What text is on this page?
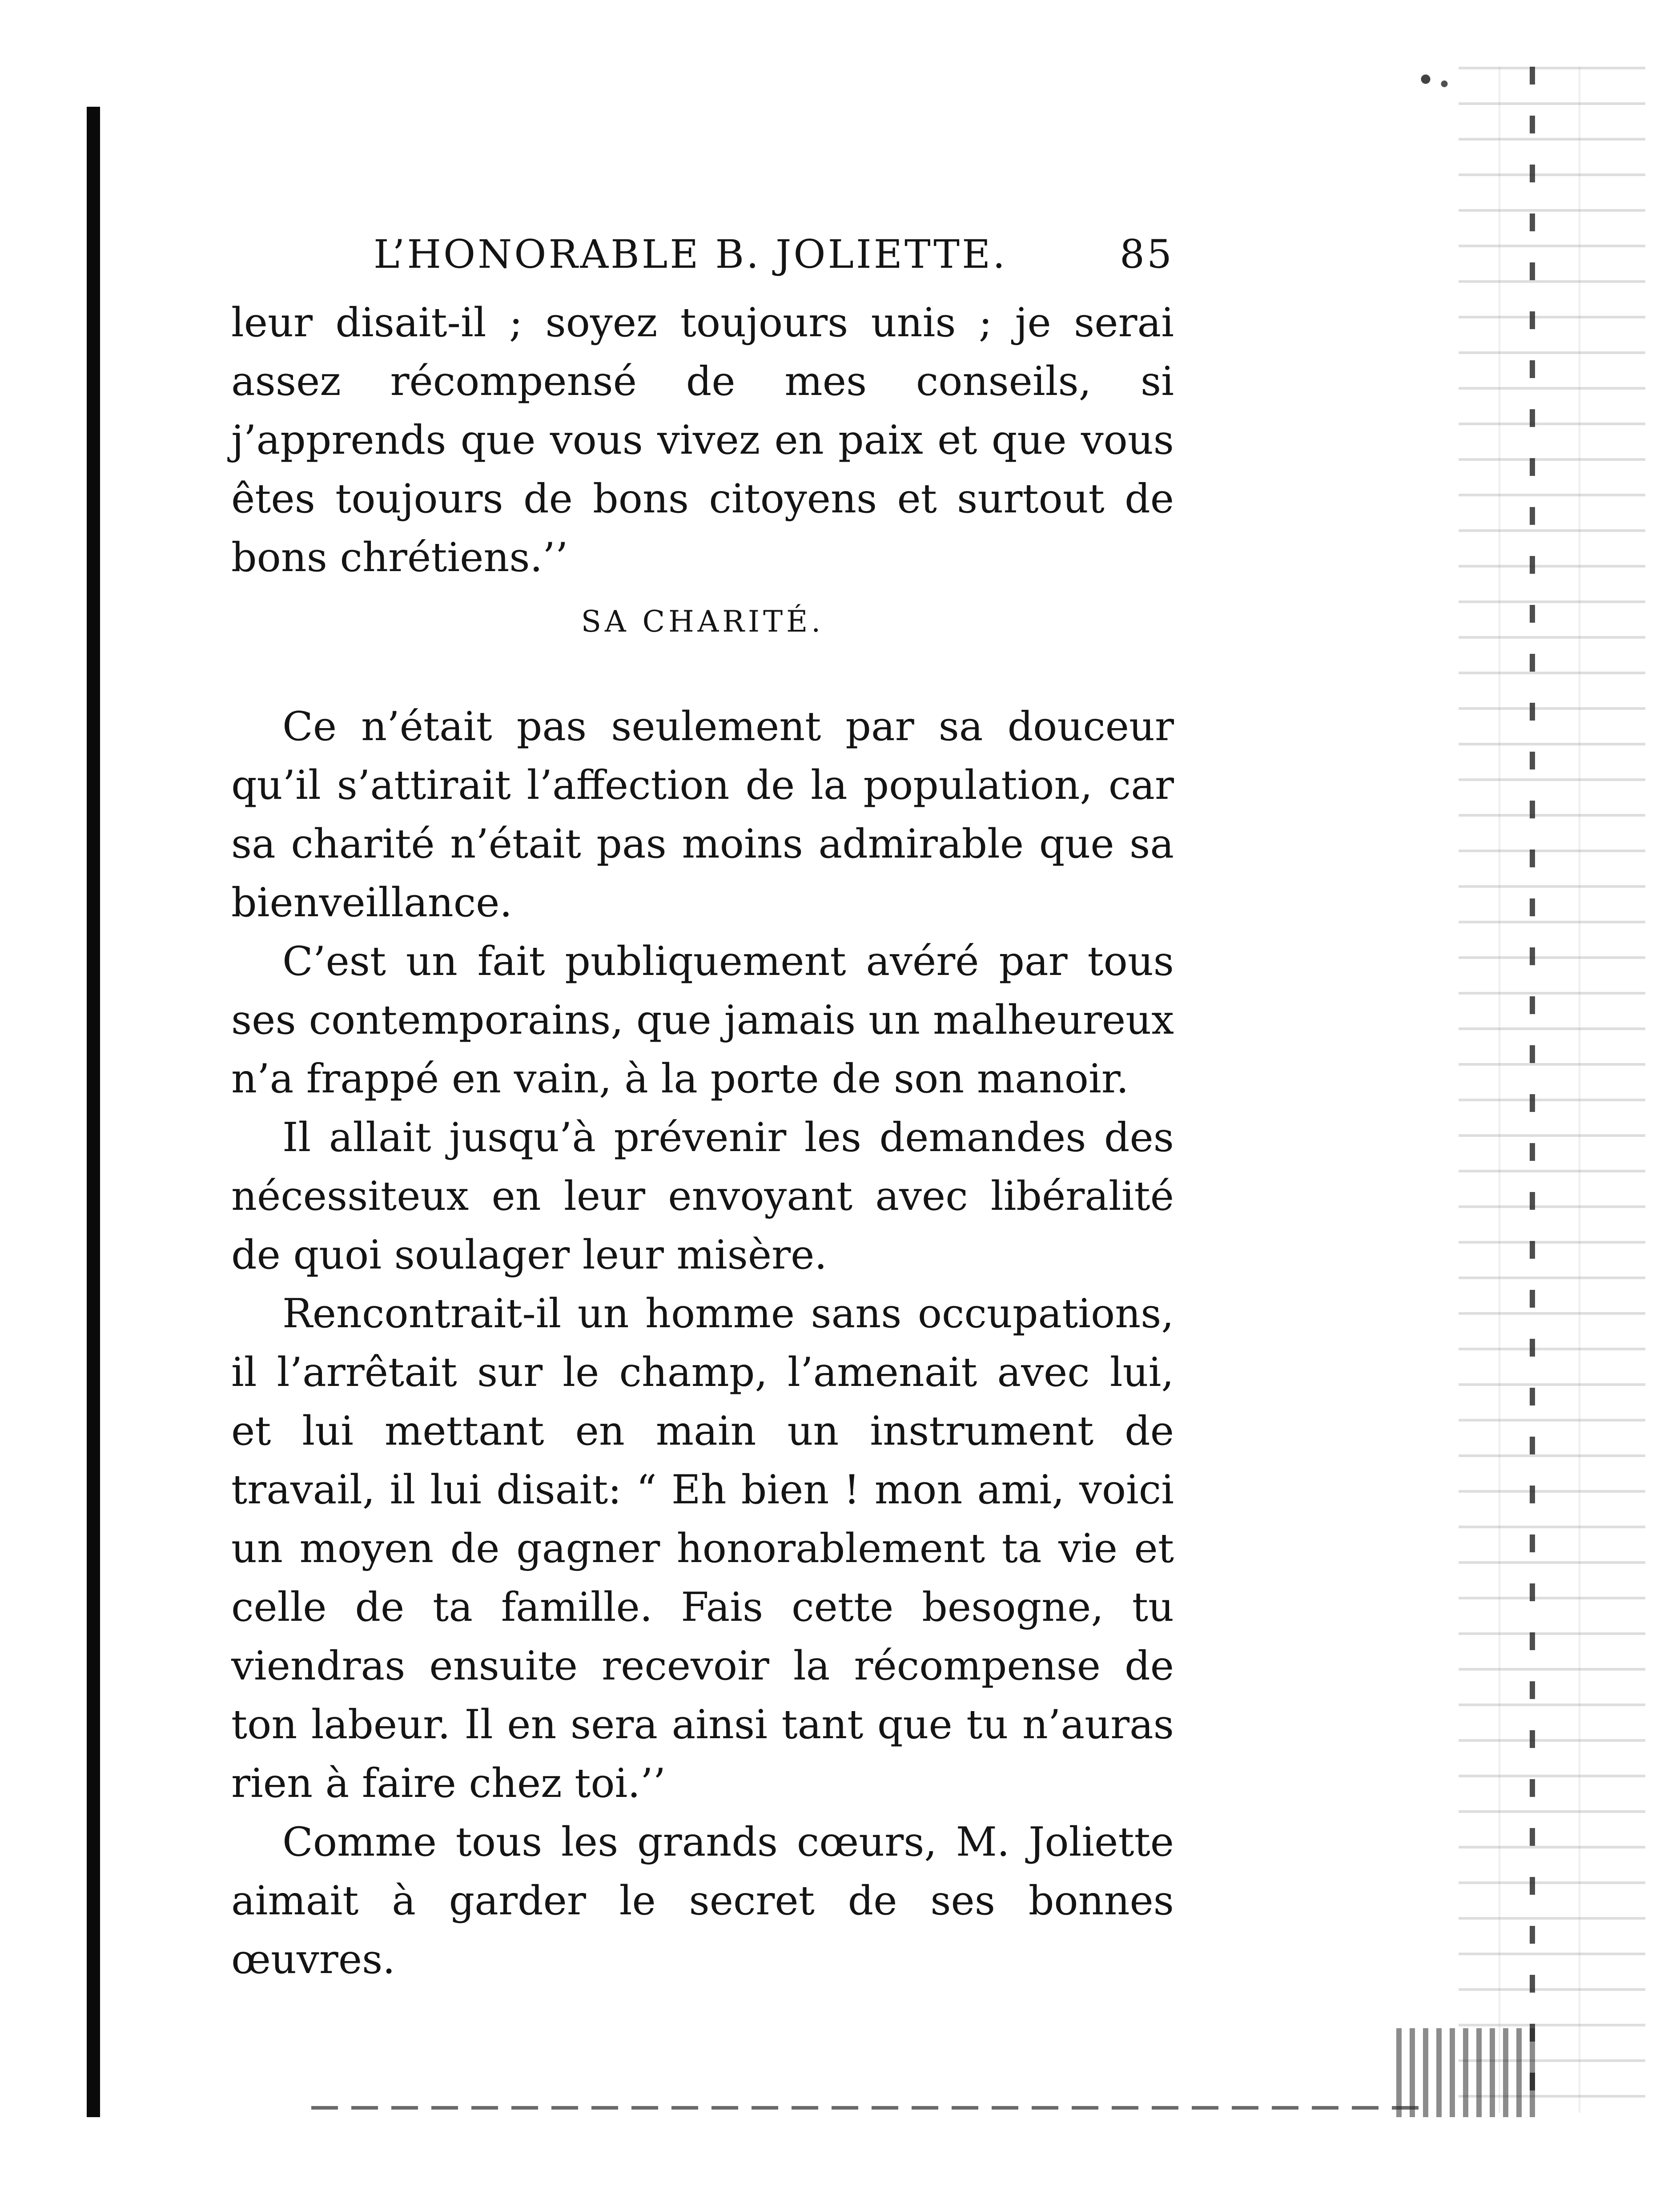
L’HONORABLE B. JOLIETTE.	85

leur disait-il ; soyez toujours unis ; je serai assez récompensé de mes conseils, si j’apprends que vous vivez en paix et que vous êtes toujours de bons citoyens et surtout de bons chrétiens.’’

SA CHARITÉ.

Ce n’était pas seulement par sa douceur qu’il s’attirait l’affection de la population, car sa charité n’était pas moins admirable que sa bienveillance.

C’est un fait publiquement avéré par tous ses contemporains, que jamais un malheureux n’a frappé en vain, à la porte de son manoir.

Il allait jusqu’à prévenir les demandes des nécessiteux en leur envoyant avec libéralité de quoi soulager leur misère.

Rencontrait-il un homme sans occupations, il l’arrêtait sur le champ, l’amenait avec lui, et lui mettant en main un instrument de travail, il lui disait: “ Eh bien ! mon ami, voici un moyen de gagner honorablement ta vie et celle de ta famille. Fais cette besogne, tu viendras ensuite recevoir la récompense de ton labeur. Il en sera ainsi tant que tu n’auras rien à faire chez toi.’’

Comme tous les grands cœurs, M. Joliette aimait à garder le secret de ses bonnes œuvres.
